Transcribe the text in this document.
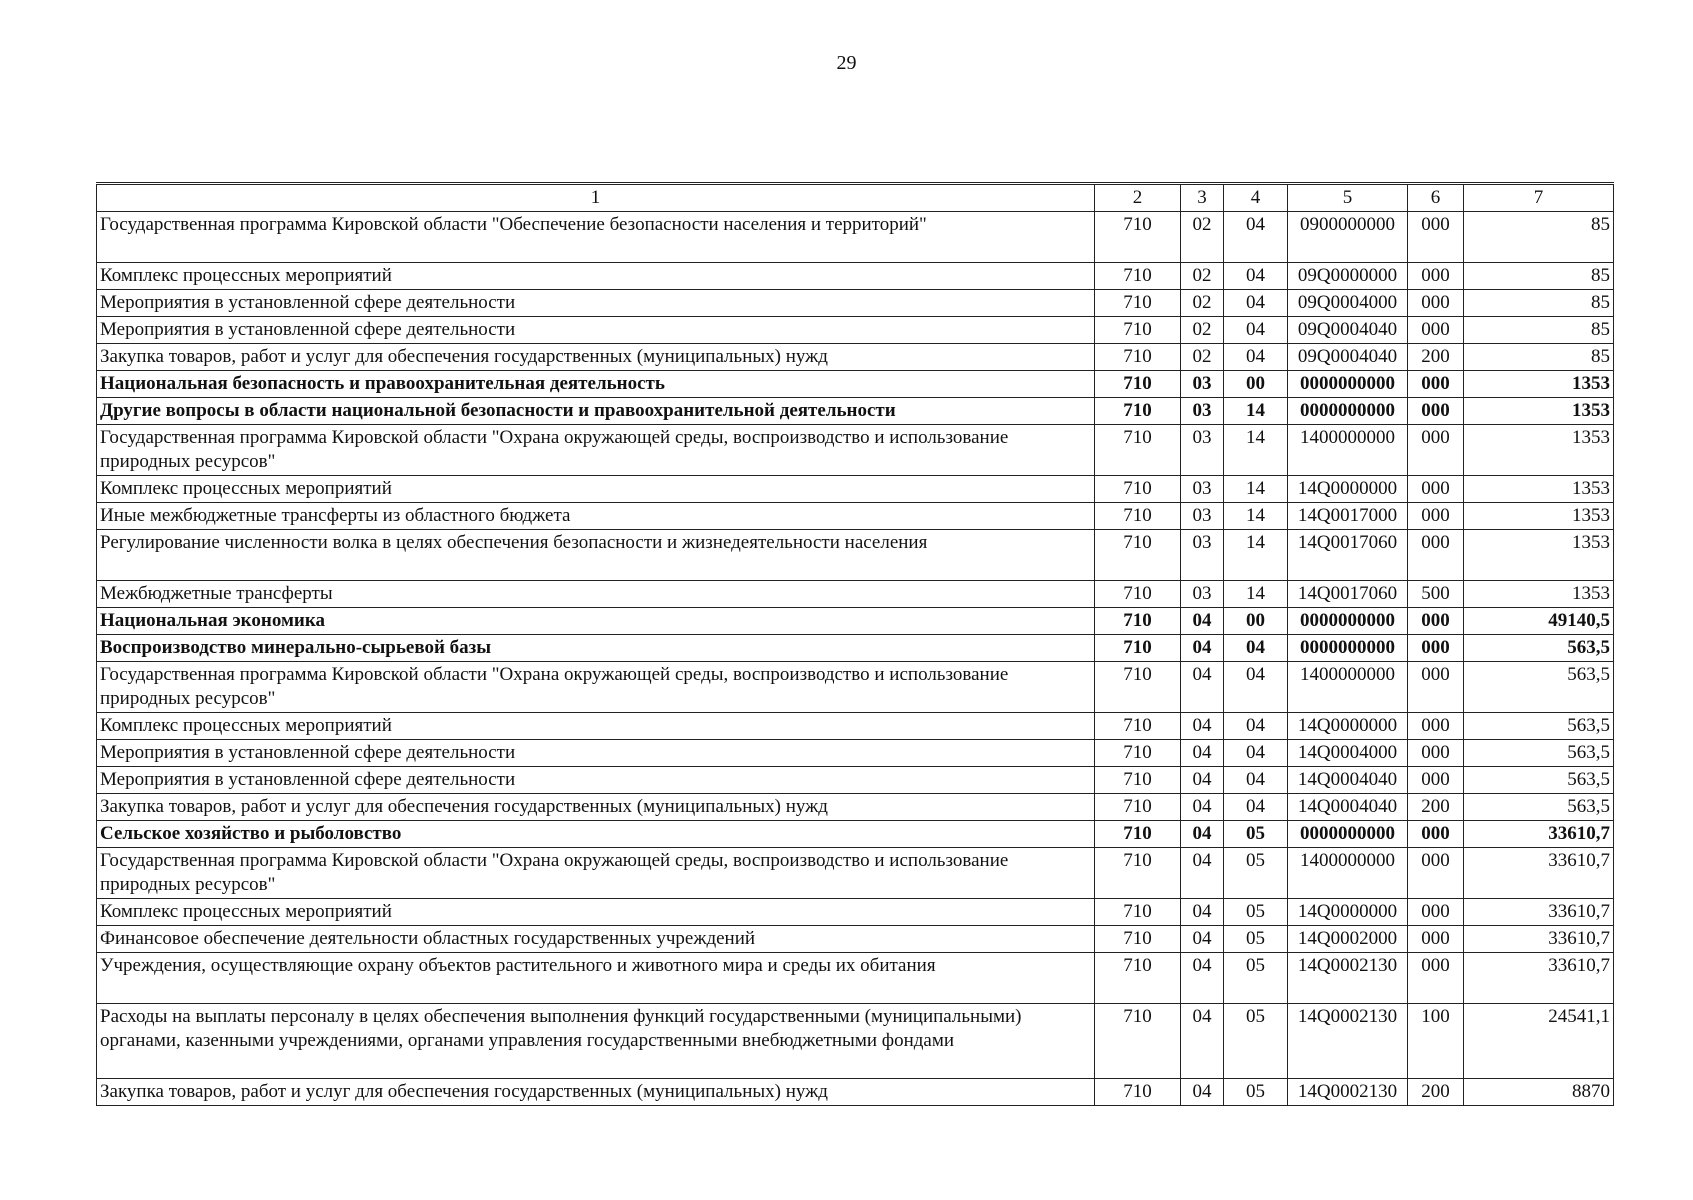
29
1	2	3	4	5	6	7
Государственная программа Кировской области "Обеспечение безопасности населения и территорий"	710	02	04	0900000000	000	85
Комплекс процессных мероприятий	710	02	04	09Q0000000	000	85
Мероприятия в установленной сфере деятельности	710	02	04	09Q0004000	000	85
Мероприятия в установленной сфере деятельности	710	02	04	09Q0004040	000	85
Закупка товаров, работ и услуг для обеспечения государственных (муниципальных) нужд	710	02	04	09Q0004040	200	85
Национальная безопасность и правоохранительная деятельность	710	03	00	0000000000	000	1353
Другие вопросы в области национальной безопасности и правоохранительной деятельности	710	03	14	0000000000	000	1353
Государственная программа Кировской области "Охрана окружающей среды, воспроизводство и использование природных ресурсов"	710	03	14	1400000000	000	1353
Комплекс процессных мероприятий	710	03	14	14Q0000000	000	1353
Иные межбюджетные трансферты из областного бюджета	710	03	14	14Q0017000	000	1353
Регулирование численности волка в целях обеспечения безопасности и жизнедеятельности населения	710	03	14	14Q0017060	000	1353
Межбюджетные трансферты	710	03	14	14Q0017060	500	1353
Национальная экономика	710	04	00	0000000000	000	49140,5
Воспроизводство минерально-сырьевой базы	710	04	04	0000000000	000	563,5
Государственная программа Кировской области "Охрана окружающей среды, воспроизводство и использование природных ресурсов"	710	04	04	1400000000	000	563,5
Комплекс процессных мероприятий	710	04	04	14Q0000000	000	563,5
Мероприятия в установленной сфере деятельности	710	04	04	14Q0004000	000	563,5
Мероприятия в установленной сфере деятельности	710	04	04	14Q0004040	000	563,5
Закупка товаров, работ и услуг для обеспечения государственных (муниципальных) нужд	710	04	04	14Q0004040	200	563,5
Сельское хозяйство и рыболовство	710	04	05	0000000000	000	33610,7
Государственная программа Кировской области "Охрана окружающей среды, воспроизводство и использование природных ресурсов"	710	04	05	1400000000	000	33610,7
Комплекс процессных мероприятий	710	04	05	14Q0000000	000	33610,7
Финансовое обеспечение деятельности областных государственных учреждений	710	04	05	14Q0002000	000	33610,7
Учреждения, осуществляющие охрану объектов растительного и животного мира и среды их обитания	710	04	05	14Q0002130	000	33610,7
Расходы на выплаты персоналу в целях обеспечения выполнения функций государственными (муниципальными) органами, казенными учреждениями, органами управления государственными внебюджетными фондами	710	04	05	14Q0002130	100	24541,1
Закупка товаров, работ и услуг для обеспечения государственных (муниципальных) нужд	710	04	05	14Q0002130	200	8870
